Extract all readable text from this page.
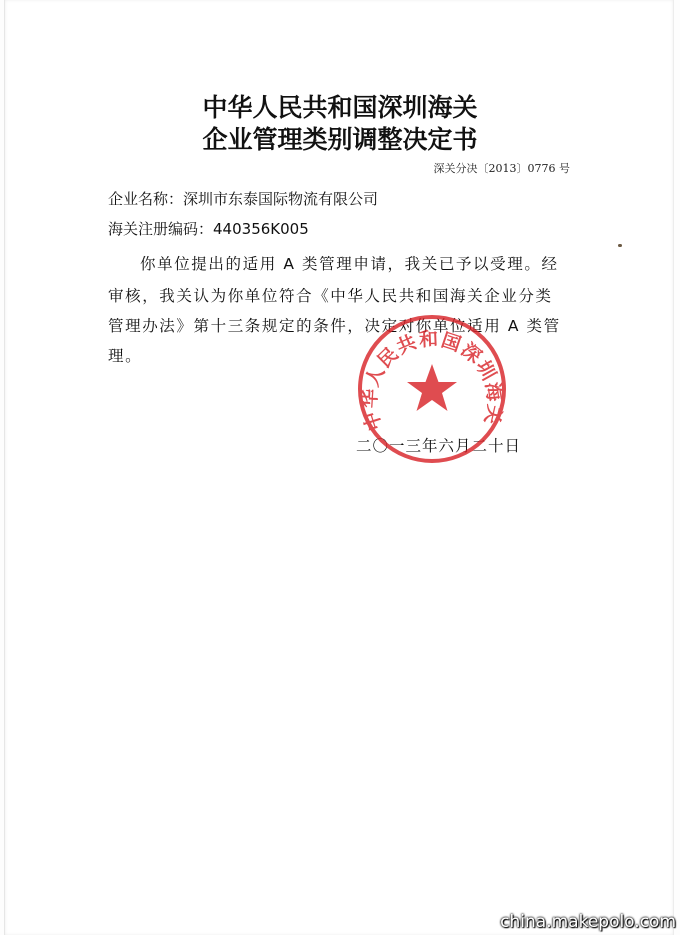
中华人民共和国深圳海关
企业管理类别调整决定书
深关分决〔2013〕0776 号
企业名称：深圳市东泰国际物流有限公司
海关注册编码：440356K005
你单位提出的适用 A 类管理申请，我关已予以受理。经
审核，我关认为你单位符合《中华人民共和国海关企业分类
管理办法》第十三条规定的条件，决定对你单位适用 A 类管
理。
二〇一三年六月二十日
中华人民共和国深圳海关
china.makepolo.com
